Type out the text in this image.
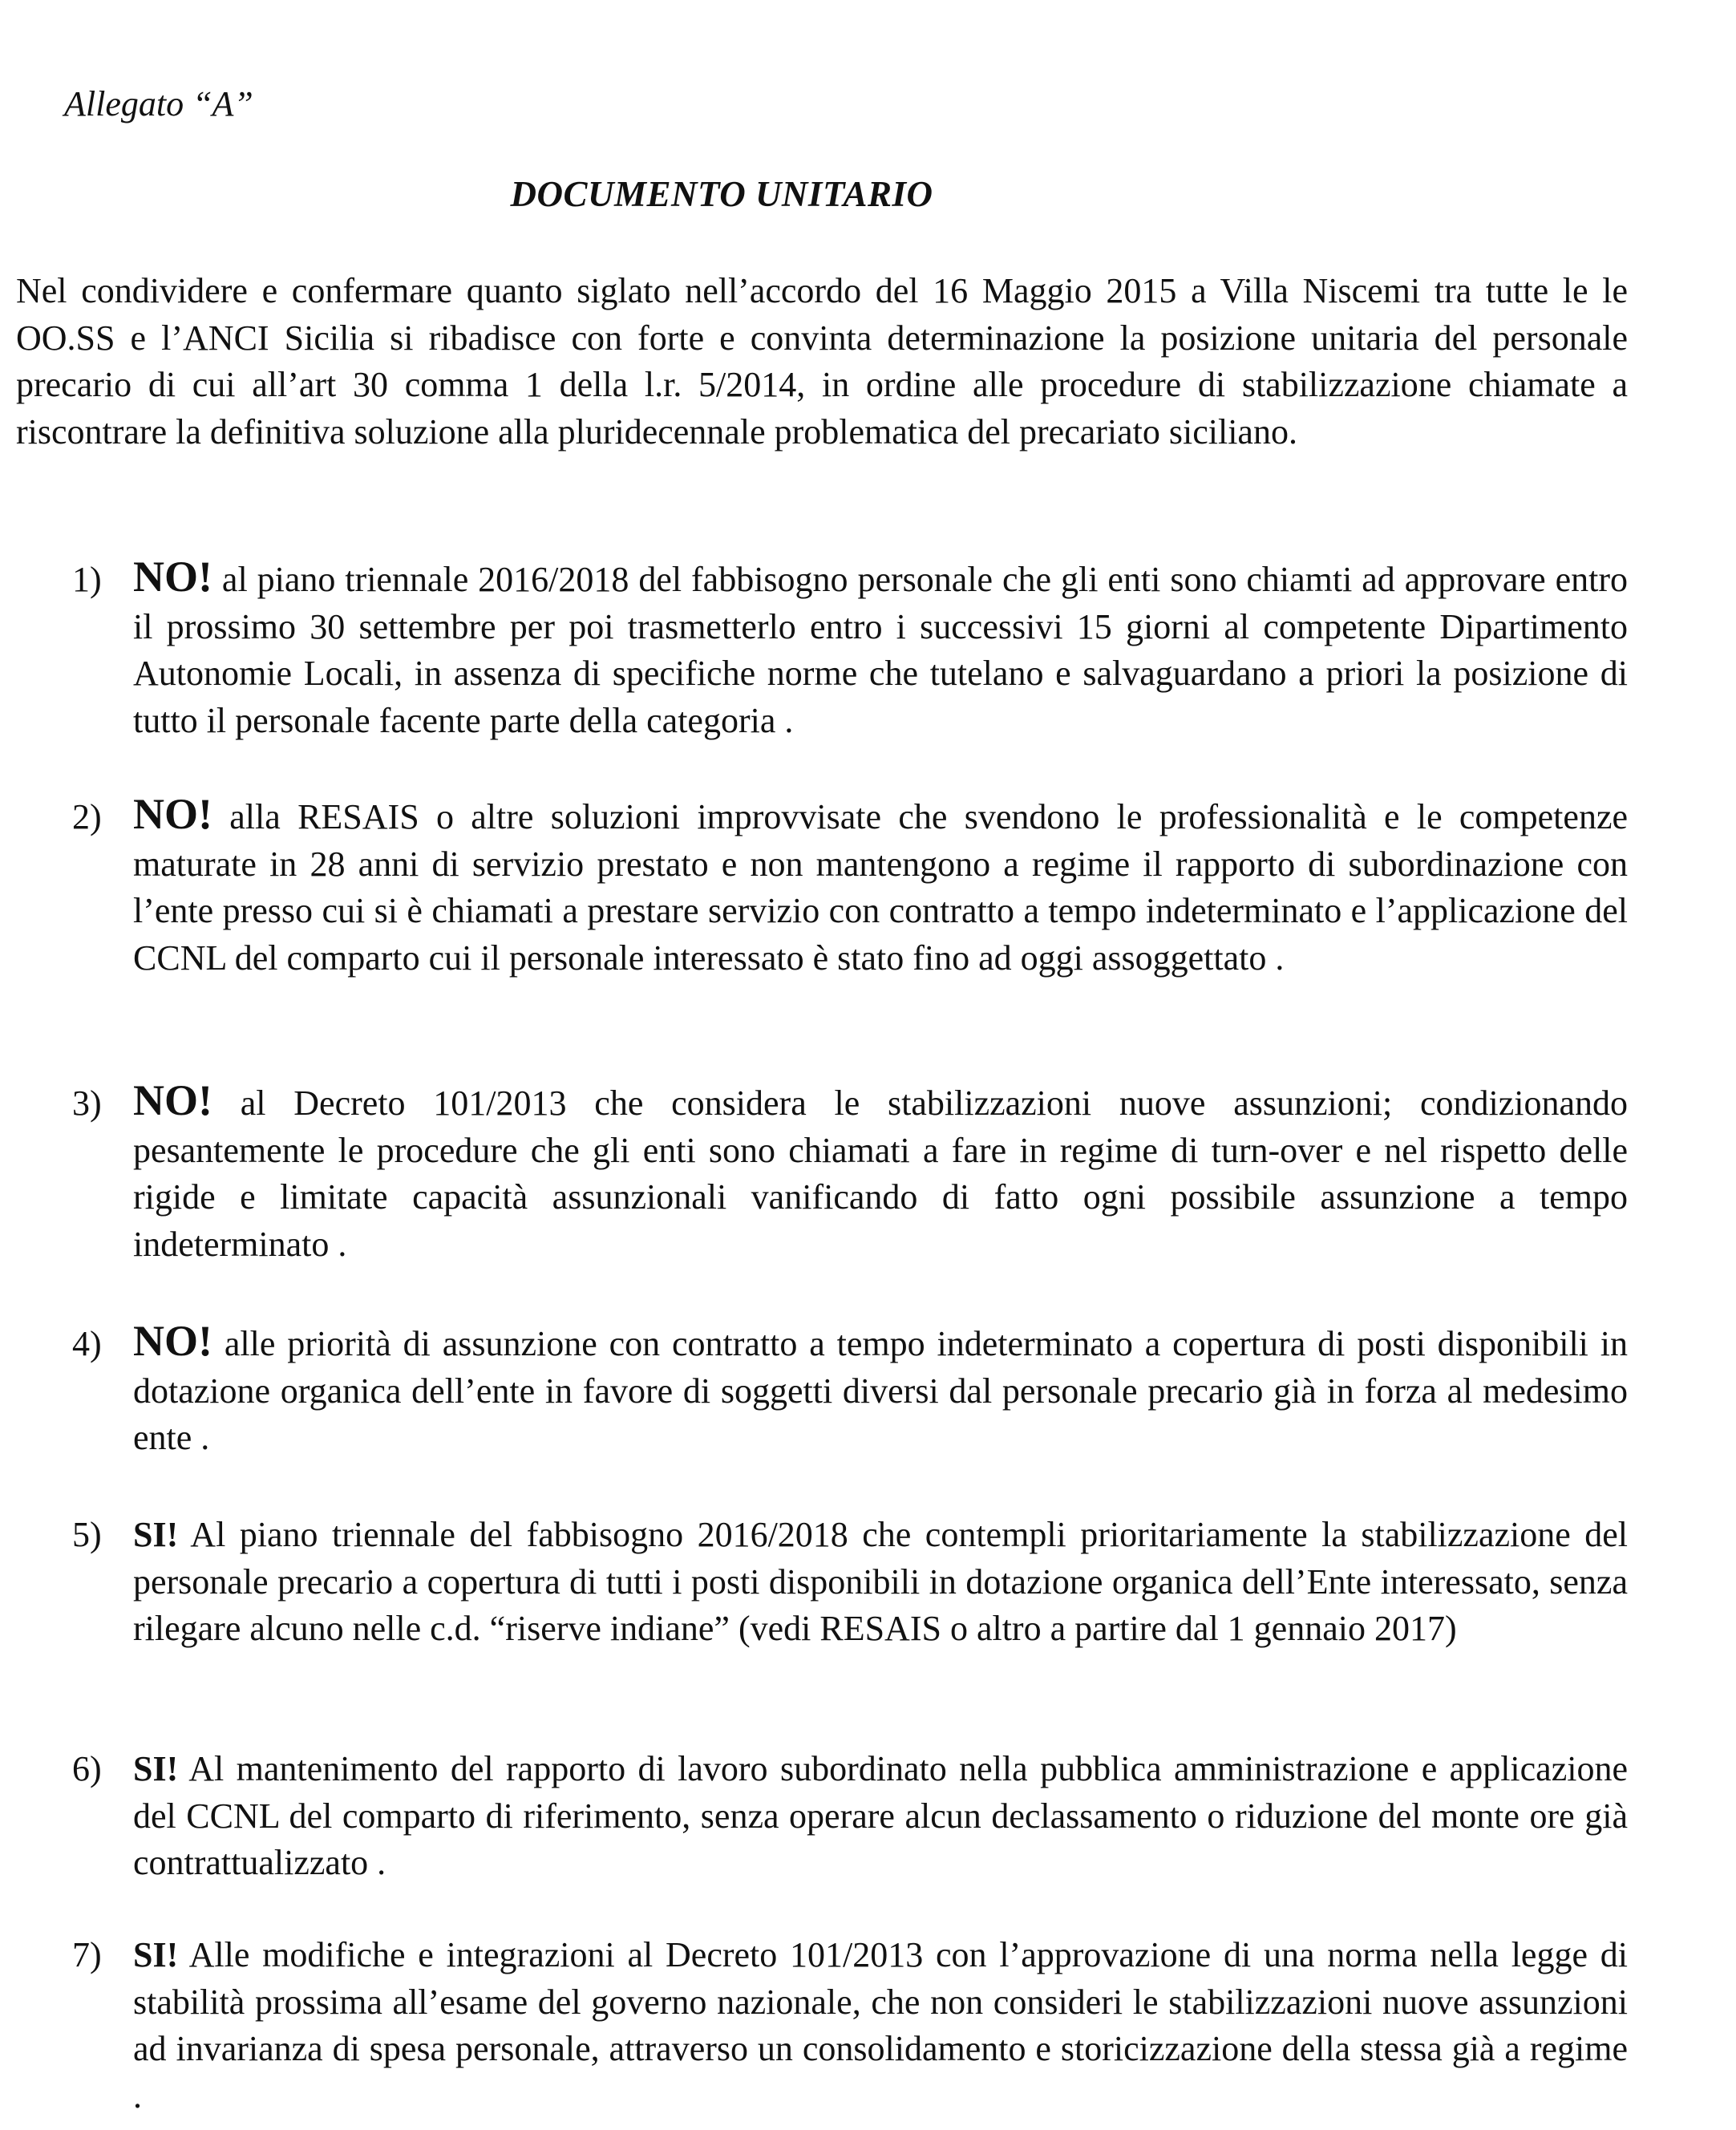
Allegato “A”
DOCUMENTO UNITARIO

Nel condividere e confermare quanto siglato nell’accordo del 16 Maggio 2015 a Villa Niscemi tra tutte le le OO.SS e l’ANCI Sicilia si ribadisce con forte e convinta determinazione la posizione unitaria del personale precario di cui all’art 30 comma 1 della l.r. 5/2014, in ordine alle procedure di stabilizzazione chiamate a riscontrare la definitiva soluzione alla pluridecennale problematica del precariato siciliano.

1) NO! al piano triennale 2016/2018 del fabbisogno personale che gli enti sono chiamti ad approvare entro il prossimo 30 settembre per poi trasmetterlo entro i successivi 15 giorni al competente Dipartimento Autonomie Locali, in assenza di specifiche norme che tutelano e salvaguardano a priori la posizione di tutto il personale facente parte della categoria .
2) NO! alla RESAIS o altre soluzioni improvvisate che svendono le professionalità e le competenze maturate in 28 anni di servizio prestato e non mantengono a regime il rapporto di subordinazione con l’ente presso cui si è chiamati a prestare servizio con contratto a tempo indeterminato e l’applicazione del CCNL del comparto cui il personale interessato è stato fino ad oggi assoggettato .
3) NO! al Decreto 101/2013 che considera le stabilizzazioni nuove assunzioni; condizionando pesantemente le procedure che gli enti sono chiamati a fare in regime di turn-over e nel rispetto delle rigide e limitate capacità assunzionali vanificando di fatto ogni possibile assunzione a tempo indeterminato .
4) NO! alle priorità di assunzione con contratto a tempo indeterminato a copertura di posti disponibili in dotazione organica dell’ente in favore di soggetti diversi dal personale precario già in forza al medesimo ente .
5) SI! Al piano triennale del fabbisogno 2016/2018 che contempli prioritariamente la stabilizzazione del personale precario a copertura di tutti i posti disponibili in dotazione organica dell’Ente interessato, senza rilegare alcuno nelle c.d. “riserve indiane” (vedi RESAIS o altro a partire dal 1 gennaio 2017)
6) SI! Al mantenimento del rapporto di lavoro subordinato nella pubblica amministrazione e applicazione del CCNL del comparto di riferimento, senza operare alcun declassamento o riduzione del monte ore già contrattualizzato .
7) SI! Alle modifiche e integrazioni al Decreto 101/2013 con l’approvazione di una norma nella legge di stabilità prossima all’esame del governo nazionale, che non consideri le stabilizzazioni nuove assunzioni ad invarianza di spesa personale, attraverso un consolidamento e storicizzazione della stessa già a regime .
